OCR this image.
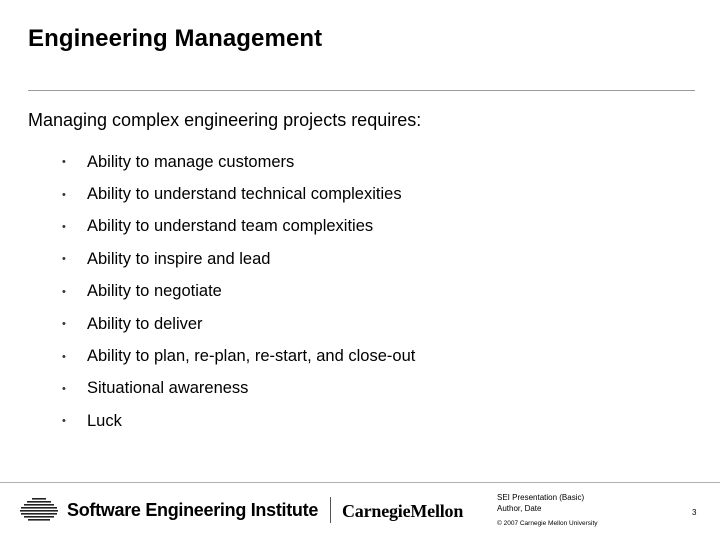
Engineering Management
Managing complex engineering projects requires:
•	Ability to manage customers
•	Ability to understand technical complexities
•	Ability to understand team complexities
•	Ability to inspire and lead
•	Ability to negotiate
•	Ability to deliver
•	Ability to plan, re-plan, re-start, and close-out
•	Situational awareness
•	Luck
Software Engineering Institute CarnegieMellon
SEI Presentation (Basic)
Author, Date
© 2007 Carnegie Mellon University
3
